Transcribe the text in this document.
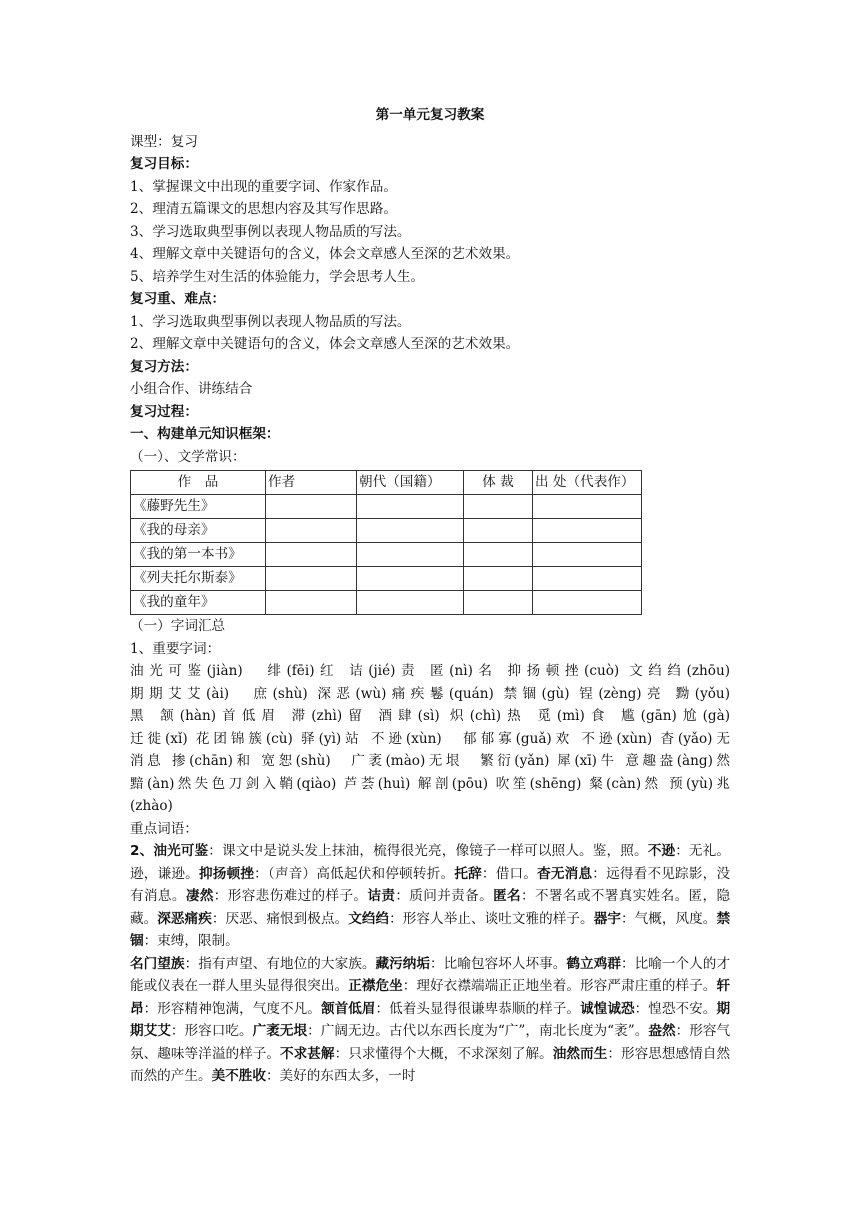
第一单元复习教案
课型：复习
复习目标：
1、掌握课文中出现的重要字词、作家作品。
2、理清五篇课文的思想内容及其写作思路。
3、学习选取典型事例以表现人物品质的写法。
4、理解文章中关键语句的含义，体会文章感人至深的艺术效果。
5、培养学生对生活的体验能力，学会思考人生。
复习重、难点：
1、学习选取典型事例以表现人物品质的写法。
2、理解文章中关键语句的含义，体会文章感人至深的艺术效果。
复习方法：
小组合作、讲练结合
复习过程：
一、构建单元知识框架：
（一）、文学常识：
作　品	作者	朝代（国籍）	体 裁	出 处（代表作）
《藤野先生》				
《我的母亲》				
《我的第一本书》				
《列夫托尔斯泰》				
《我的童年》				
（一）字词汇总
1、重要字词：
油光可鉴(jiàn)　绯(fēi)红 诘(jié)责 匿(nì)名 抑扬顿挫(cuò) 文绉绉(zhōu)
期期艾艾(ài)　庶(shù) 深恶(wù)痛疾鬈(quán) 禁锢(gù) 锃(zèng)亮 黝(yǒu)
黑 颔(hàn)首低眉 滞(zhì)留 酒肆(sì) 炽(chì)热 觅(mì)食 尴(gān)尬(gà)
迁徙(xǐ) 花团锦簇(cù) 驿(yì)站 不逊(xùn)　郁郁寡(guǎ)欢 不逊(xùn) 杳(yǎo)无
消息 掺(chān)和 宽恕(shù)　广袤(mào)无垠　繁衍(yǎn) 犀(xī)牛 意趣盎(àng)然
黯(àn)然失色刀剑入鞘(qiào) 芦荟(huì) 解剖(pōu) 吹笙(shēng) 粲(càn)然 预(yù)兆
(zhào)
重点词语：

2、油光可鉴：课文中是说头发上抹油，梳得很光亮，像镜子一样可以照人。鉴，照。不逊：无礼。逊，谦逊。抑扬顿挫：（声音）高低起伏和停顿转折。托辞：借口。杳无消息：远得看不见踪影，没有消息。凄然：形容悲伤难过的样子。诘责：质问并责备。匿名：不署名或不署真实姓名。匿，隐藏。深恶痛疾：厌恶、痛恨到极点。文绉绉：形容人举止、谈吐文雅的样子。器宇：气概，风度。禁锢：束缚，限制。

名门望族：指有声望、有地位的大家族。藏污纳垢：比喻包容坏人坏事。鹤立鸡群：比喻一个人的才能或仪表在一群人里头显得很突出。正襟危坐：理好衣襟端端正正地坐着。形容严肃庄重的样子。轩昂：形容精神饱满，气度不凡。颔首低眉：低着头显得很谦卑恭顺的样子。诚惶诚恐：惶恐不安。期期艾艾：形容口吃。广袤无垠：广阔无边。古代以东西长度为“广”，南北长度为“袤”。盎然：形容气氛、趣味等洋溢的样子。不求甚解：只求懂得个大概，不求深刻了解。油然而生：形容思想感情自然而然的产生。美不胜收：美好的东西太多，一时
